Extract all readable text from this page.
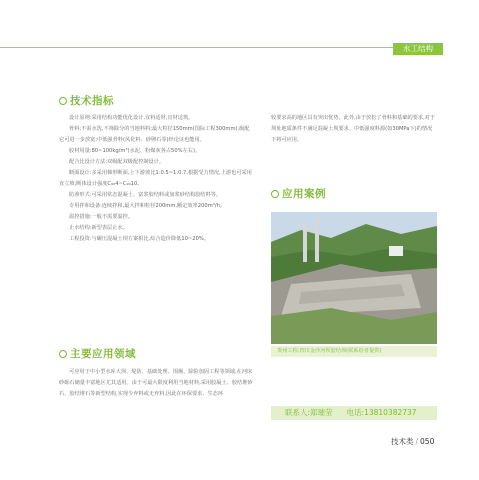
水工结构
技术指标

设计原则:采用结构功能优化设计,宜料适材,宜材适筑。

骨料:不需水洗,不筛除分的当地料料;最大粒径150mm(国际工程300mm),级配它可进一步放宽;中低强骨料(风化料、砂卵石等)经论证也能用。

胶材用量:80~100kg/m³(水泥、粉煤灰各占50%左右)。

配合比设计方法:双级配双级配控制设计。

断面设计:多采用梯形断面,上下游坡比1:0.5~1:0.7,根据受力情况,上游也可采用直立坡;断体设计强度C₉₀4~C₉₀10。

防渗形式:可采用常态混凝土、富浆胶结料或加浆砂结构胶结料等。

专用拌和设备:连续拌和,最大拌和粒径200mm,额定效率200m³/h。

温控措施:一般不需要温控。

止水结构:新型表层止水。

工程投资:与碾压混凝土坝方案相比,综合造价降低10~20%。

较要求高的地区具有突出优势。此外,由于放松了骨料和基础的要求,对于坝址地质条件不满足混凝土坝要求、中低强度料源(如30MPa下)的情况下将可应用。

应用案例
贵州工程:四川金沙河坝胶结坝(联系给者提供)
主要应用领域

可应用于中小型水库大坝、堤防、基础处理、围堰、除险加固工程等领域,在河床砂砾石储量丰富地区尤其适用。由于可最大限度利用当地材料,采用胶凝土、胶结堆砂石、胶结堆石等新型结构,实现少弃料或无弃料,因此在环保要求、生态环

联系人:郑璀莹 电话:13810382737
技术类 / 050
